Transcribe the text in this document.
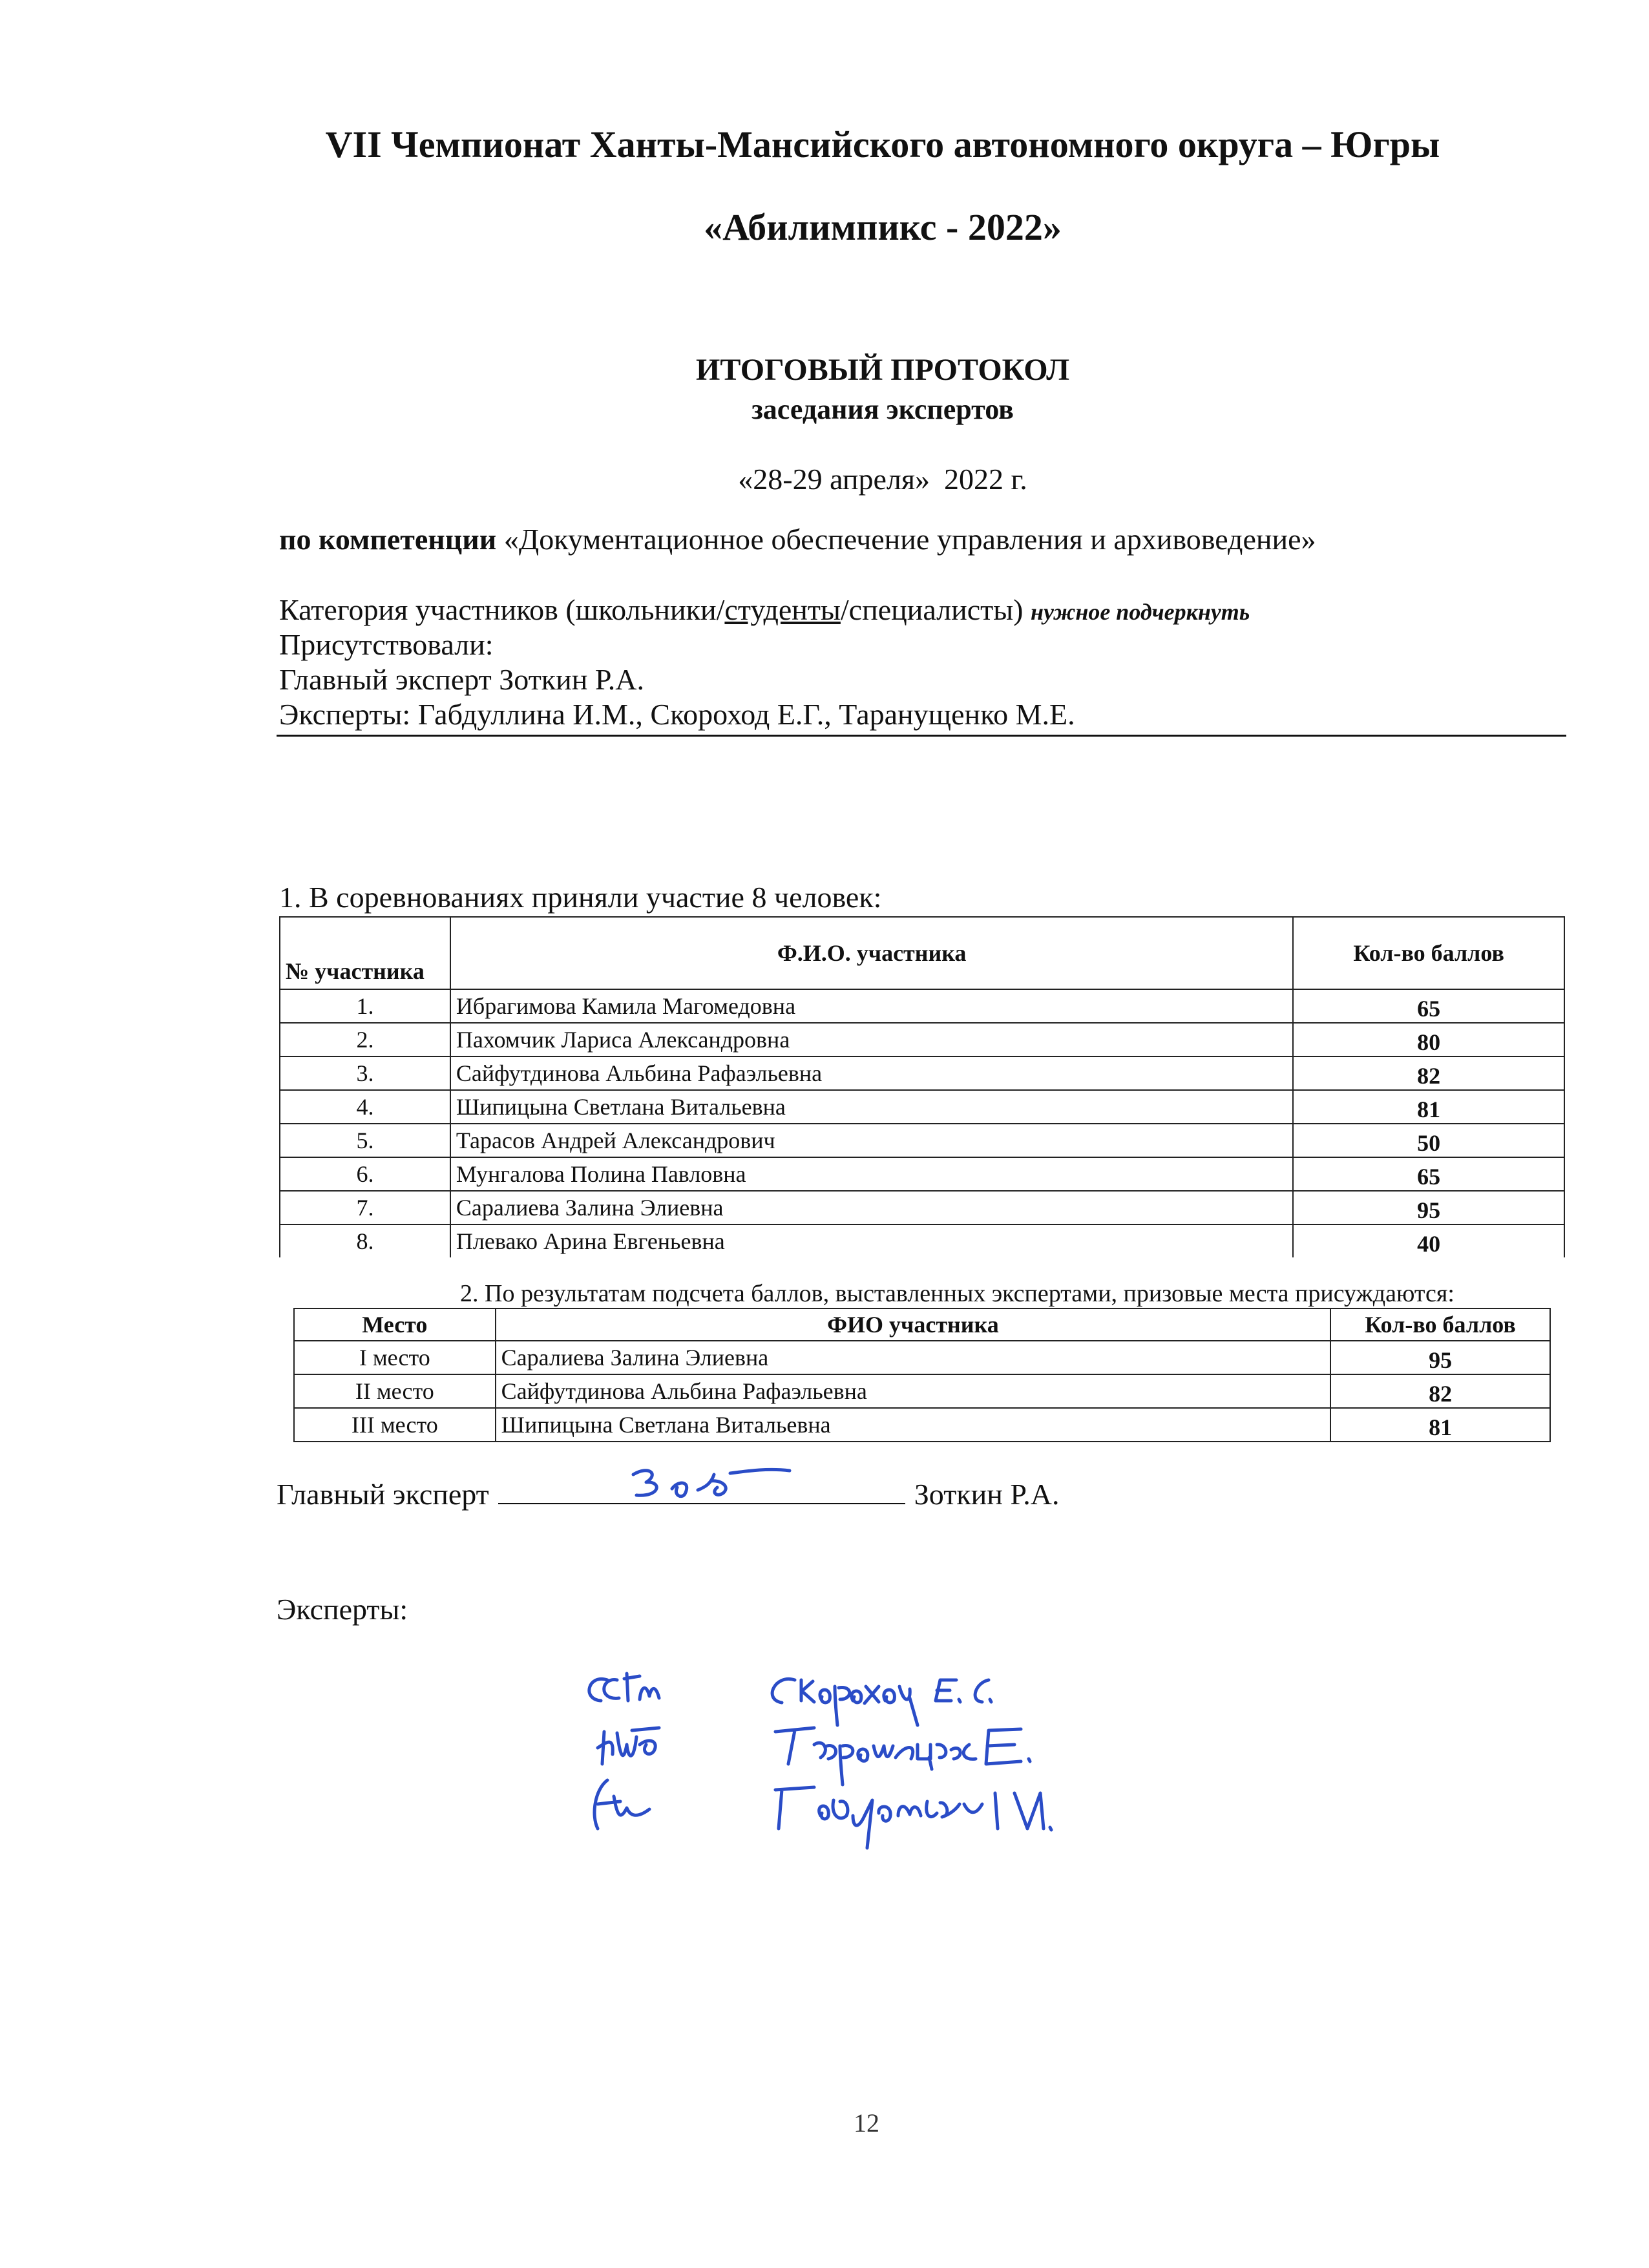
VII Чемпионат Ханты-Мансийского автономного округа – Югры
«Абилимпикс - 2022»
ИТОГОВЫЙ ПРОТОКОЛ
заседания экспертов
«28-29 апреля» 2022 г.
по компетенции «Документационное обеспечение управления и архивоведение»
Категория участников (школьники/студенты/специалисты) нужное подчеркнуть
Присутствовали:
Главный эксперт Зоткин Р.А.
Эксперты: Габдуллина И.М., Скороход Е.Г., Таранущенко М.Е.
1. В соревнованиях приняли участие 8 человек:
№ участника	Ф.И.О. участника	Кол-во баллов
1.	Ибрагимова Камила Магомедовна	65
2.	Пахомчик Лариса Александровна	80
3.	Сайфутдинова Альбина Рафаэльевна	82
4.	Шипицына Светлана Витальевна	81
5.	Тарасов Андрей Александрович	50
6.	Мунгалова Полина Павловна	65
7.	Саралиева Залина Элиевна	95
8.	Плевако Арина Евгеньевна	40
2. По результатам подсчета баллов, выставленных экспертами, призовые места присуждаются:
Место	ФИО участника	Кол-во баллов
I место	Саралиева Залина Элиевна	95
II место	Сайфутдинова Альбина Рафаэльевна	82
III место	Шипицына Светлана Витальевна	81
Главный эксперт	Зоткин Р.А.
Эксперты:
12
